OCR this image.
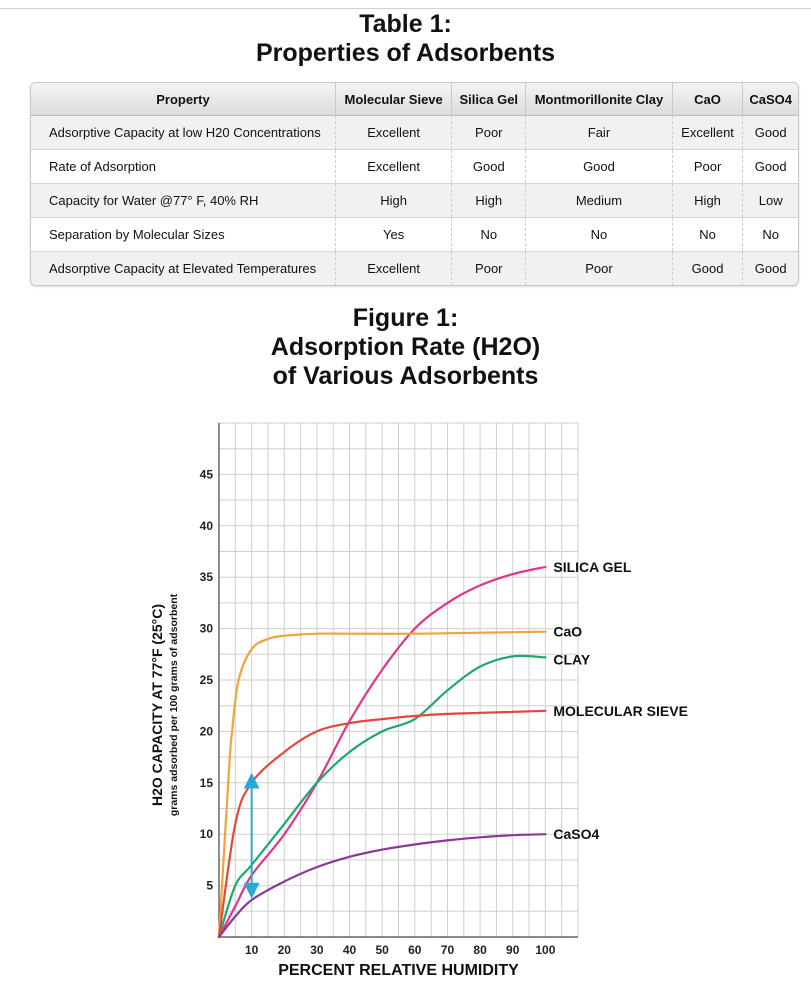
Table 1:
Properties of Adsorbents
Property	Molecular Sieve	Silica Gel	Montmorillonite Clay	CaO	CaSO4
Adsorptive Capacity at low H20 Concentrations	Excellent	Poor	Fair	Excellent	Good
Rate of Adsorption	Excellent	Good	Good	Poor	Good
Capacity for Water @77° F, 40% RH	High	High	Medium	High	Low
Separation by Molecular Sizes	Yes	No	No	No	No
Adsorptive Capacity at Elevated Temperatures	Excellent	Poor	Poor	Good	Good
Figure 1:
Adsorption Rate (H2O)
of Various Adsorbents
10 20 30 40 50 60 70 80 90 100
5
10
15
20
25
30
35
40
45
SILICA GEL
CaO
CLAY
MOLECULAR SIEVE
CaSO4
PERCENT RELATIVE HUMIDITY
H2O CAPACITY AT 77°F (25°C) grams adsorbed per 100 grams of adsorbent
